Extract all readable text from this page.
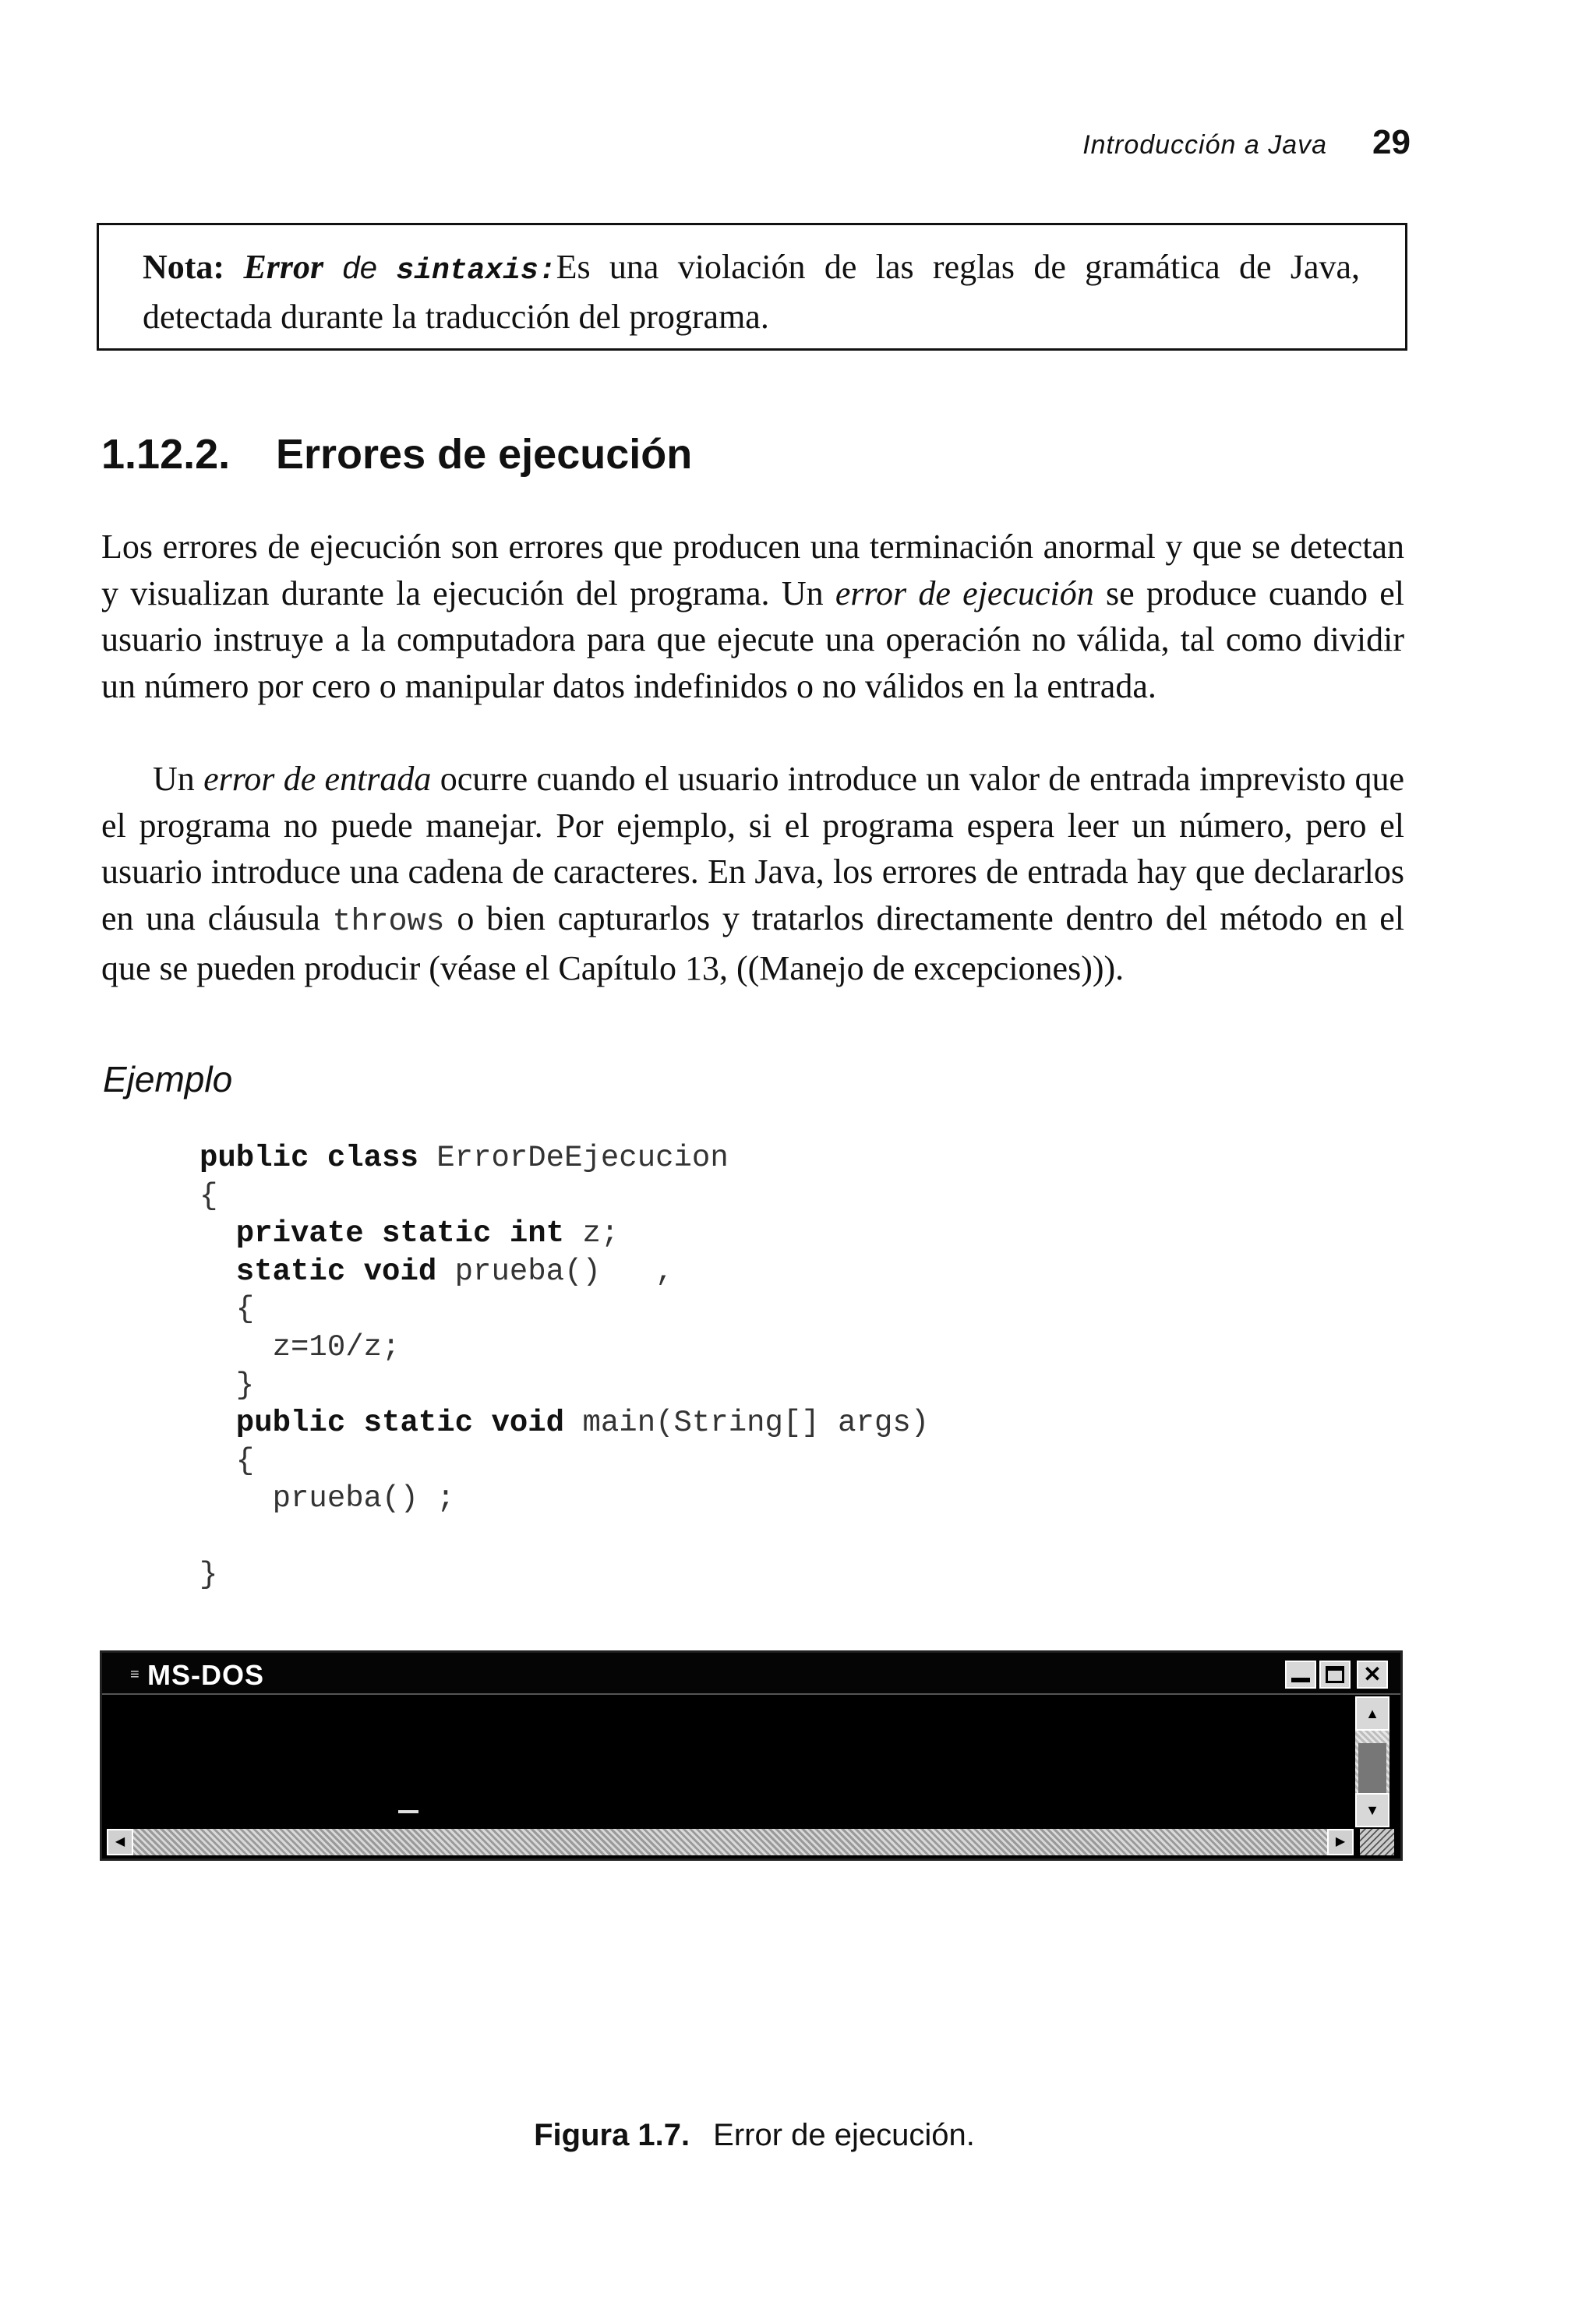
Introducción a Java 29
Nota: Error de sintaxis:Es una violación de las reglas de gramática de Java, detectada durante la traducción del programa.
1.12.2. Errores de ejecución

Los errores de ejecución son errores que producen una terminación anormal y que se detectan y visualizan durante la ejecución del programa. Un error de ejecución se produce cuando el usuario instruye a la computadora para que ejecute una operación no válida, tal como dividir un número por cero o manipular datos indefinidos o no válidos en la entrada.

Un error de entrada ocurre cuando el usuario introduce un valor de entrada imprevisto que el programa no puede manejar. Por ejemplo, si el programa espera leer un número, pero el usuario introduce una cadena de caracteres. En Java, los errores de entrada hay que declararlos en una cláusula throws o bien capturarlos y tratarlos directamente dentro del método en el que se pueden producir (véase el Capítulo 13, ((Manejo de excepciones))).

Ejemplo
public class ErrorDeEjecucion
{
private static int z;
static void prueba()   ,
{
z=10/z;
}
public static void main(String[] args)
{
prueba() ;
}
≡ MS-DOS	✕
▲
▼
◀	▶
Figura 1.7. Error de ejecución.
